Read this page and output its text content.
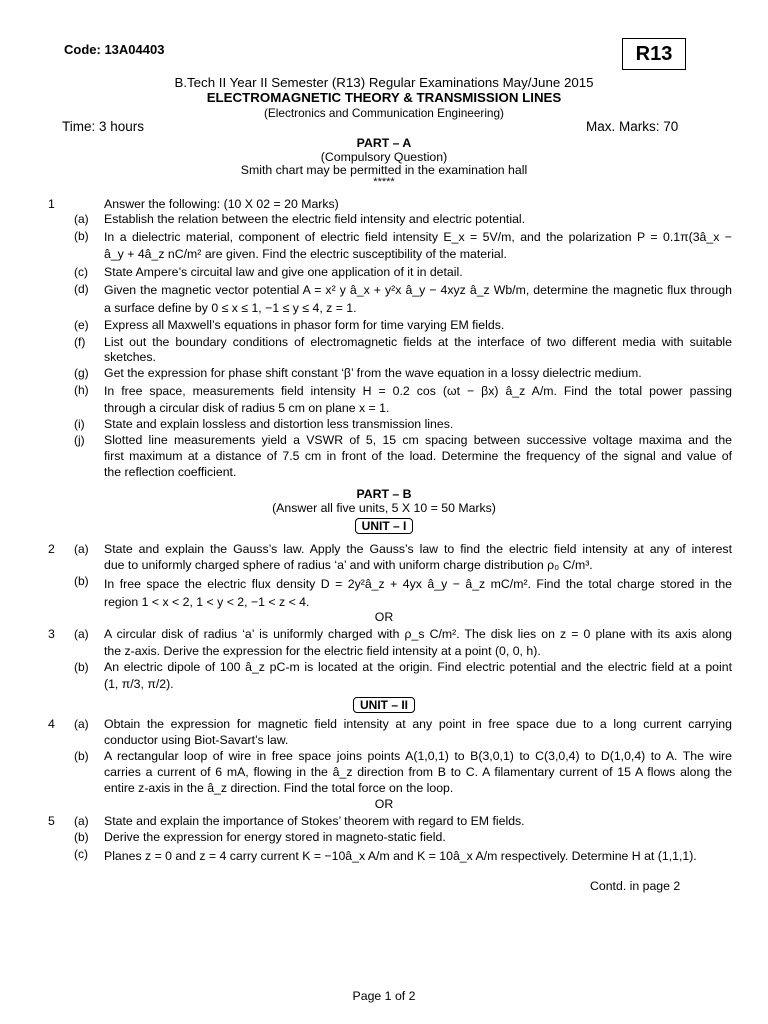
Code: 13A04403	R13
B.Tech II Year II Semester (R13) Regular Examinations May/June 2015
ELECTROMAGNETIC THEORY & TRANSMISSION LINES
(Electronics and Communication Engineering)
Time: 3 hours	Max. Marks: 70
PART – A
(Compulsory Question)
Smith chart may be permitted in the examination hall
*****
1	Answer the following: (10 X 02 = 20 Marks)
(a) Establish the relation between the electric field intensity and electric potential.
(b) In a dielectric material, component of electric field intensity E_x = 5V/m, and the polarization P = 0.1π(3â_x −
â_y + 4â_z nC/m² are given. Find the electric susceptibility of the material.
(c) State Ampere’s circuital law and give one application of it in detail.
(d) Given the magnetic vector potential A = x² y â_x + y²x â_y − 4xyz â_z Wb/m, determine the magnetic flux through
a surface define by 0 ≤ x ≤ 1, −1 ≤ y ≤ 4, z = 1.
(e) Express all Maxwell’s equations in phasor form for time varying EM fields.
(f) List out the boundary conditions of electromagnetic fields at the interface of two different media with suitable
sketches.
(g) Get the expression for phase shift constant ‘β’ from the wave equation in a lossy dielectric medium.
(h) In free space, measurements field intensity H = 0.2 cos (ωt − βx) â_z A/m. Find the total power passing
through a circular disk of radius 5 cm on plane x = 1.
(i) State and explain lossless and distortion less transmission lines.
(j) Slotted line measurements yield a VSWR of 5, 15 cm spacing between successive voltage maxima and the
first maximum at a distance of 7.5 cm in front of the load. Determine the frequency of the signal and value of
the reflection coefficient.
PART – B
(Answer all five units, 5 X 10 = 50 Marks)
UNIT – I
2 (a) State and explain the Gauss’s law. Apply the Gauss’s law to find the electric field intensity at any of interest
due to uniformly charged sphere of radius ‘a’ and with uniform charge distribution ρ₀ C/m³.
(b) In free space the electric flux density D = 2y²â_z + 4yx â_y − â_z mC/m². Find the total charge stored in the
region 1 < x < 2, 1 < y < 2, −1 < z < 4.
OR
3 (a) A circular disk of radius ‘a’ is uniformly charged with ρ_s C/m². The disk lies on z = 0 plane with its axis along
the z-axis. Derive the expression for the electric field intensity at a point (0, 0, h).
(b) An electric dipole of 100 â_z pC-m is located at the origin. Find electric potential and the electric field at a point
(1, π/3, π/2).
UNIT – II
4 (a) Obtain the expression for magnetic field intensity at any point in free space due to a long current carrying
conductor using Biot-Savart’s law.
(b) A rectangular loop of wire in free space joins points A(1,0,1) to B(3,0,1) to C(3,0,4) to D(1,0,4) to A. The wire
carries a current of 6 mA, flowing in the â_z direction from B to C. A filamentary current of 15 A flows along the
entire z-axis in the â_z direction. Find the total force on the loop.
OR
5 (a) State and explain the importance of Stokes’ theorem with regard to EM fields.
(b) Derive the expression for energy stored in magneto-static field.
(c) Planes z = 0 and z = 4 carry current K = −10â_x A/m and K = 10â_x A/m respectively. Determine H at (1,1,1).
Contd. in page 2
Page 1 of 2
